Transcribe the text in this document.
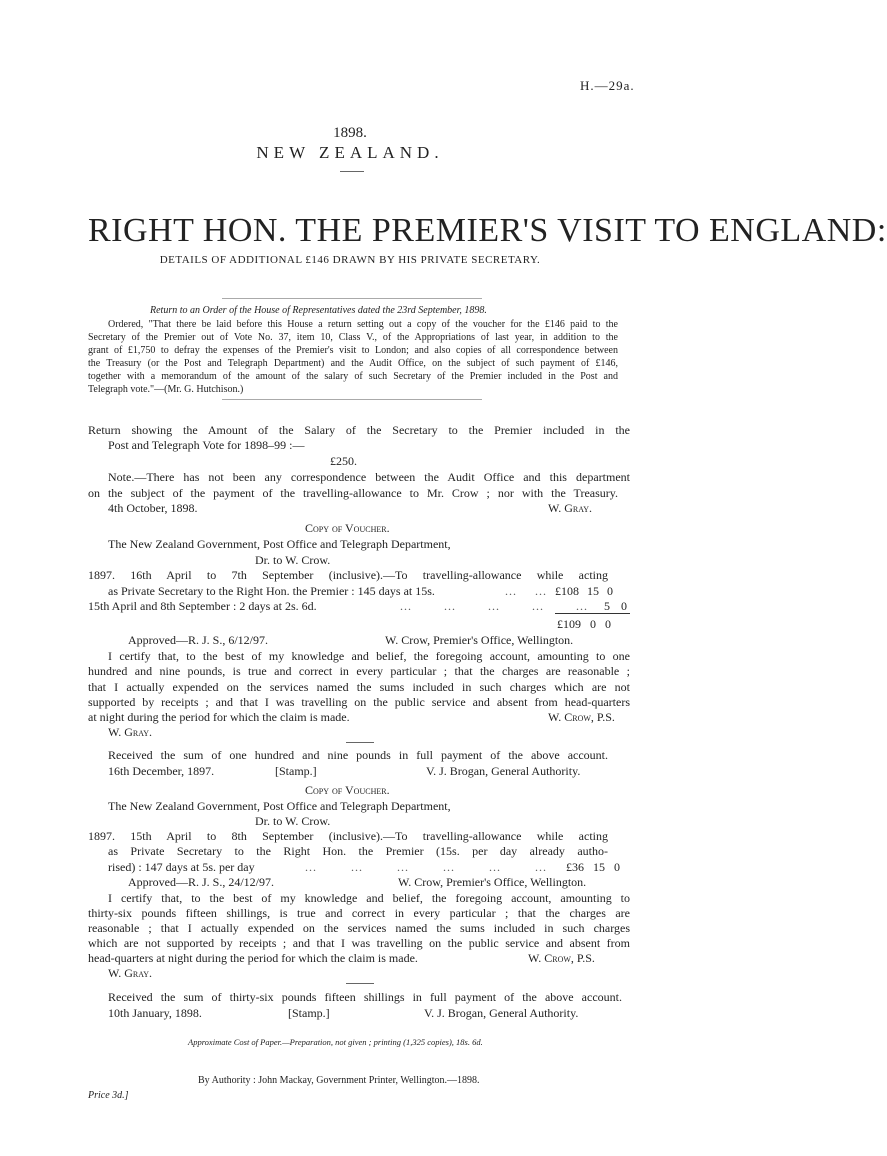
H.—29a.
1898.
NEW ZEALAND.
RIGHT HON. THE PREMIER'S VISIT TO ENGLAND:
DETAILS OF ADDITIONAL £146 DRAWN BY HIS PRIVATE SECRETARY.
Return to an Order of the House of Representatives dated the 23rd September, 1898.
Ordered, "That there be laid before this House a return setting out a copy of the voucher for the £146 paid to the
Secretary of the Premier out of Vote No. 37, item 10, Class V., of the Appropriations of last year, in addition to the
grant of £1,750 to defray the expenses of the Premier's visit to London; and also copies of all correspondence between
the Treasury (or the Post and Telegraph Department) and the Audit Office, on the subject of such payment of £146,
together with a memorandum of the amount of the salary of such Secretary of the Premier included in the Post and
Telegraph vote."—(Mr. G. Hutchison.)
Return showing the Amount of the Salary of the Secretary to the Premier included in the
Post and Telegraph Vote for 1898–99 :—
£250.
Note.—There has not been any correspondence between the Audit Office and this department
on the subject of the payment of the travelling-allowance to Mr. Crow ; nor with the Treasury.
4th October, 1898.	W. Gray.
Copy of Voucher.
The New Zealand Government, Post Office and Telegraph Department,
Dr. to W. Crow.
1897. 16th April to 7th September (inclusive).—To travelling-allowance while acting
as Private Secretary to the Right Hon. the Premier : 145 days at 15s.	... ... £108 15 0
15th April and 8th September : 2 days at 2s. 6d.	... ... ... ... ... 5 0
£109 0 0
Approved—R. J. S., 6/12/97.	W. Crow, Premier's Office, Wellington.
I certify that, to the best of my knowledge and belief, the foregoing account, amounting to one
hundred and nine pounds, is true and correct in every particular ; that the charges are reasonable ;
that I actually expended on the services named the sums included in such charges which are not
supported by receipts ; and that I was travelling on the public service and absent from head-quarters
at night during the period for which the claim is made.	W. Crow, P.S.
W. Gray.
Received the sum of one hundred and nine pounds in full payment of the above account.
16th December, 1897.	[Stamp.]	V. J. Brogan, General Authority.
Copy of Voucher.
The New Zealand Government, Post Office and Telegraph Department,
Dr. to W. Crow.
1897. 15th April to 8th September (inclusive).—To travelling-allowance while acting
as Private Secretary to the Right Hon. the Premier (15s. per day already autho-
rised) : 147 days at 5s. per day	... ... ... ... ... ... £36 15 0
Approved—R. J. S., 24/12/97.	W. Crow, Premier's Office, Wellington.
I certify that, to the best of my knowledge and belief, the foregoing account, amounting to
thirty-six pounds fifteen shillings, is true and correct in every particular ; that the charges are
reasonable ; that I actually expended on the services named the sums included in such charges
which are not supported by receipts ; and that I was travelling on the public service and absent from
head-quarters at night during the period for which the claim is made.	W. Crow, P.S.
W. Gray.
Received the sum of thirty-six pounds fifteen shillings in full payment of the above account.
10th January, 1898.	[Stamp.]	V. J. Brogan, General Authority.
Approximate Cost of Paper.—Preparation, not given ; printing (1,325 copies), 18s. 6d.
By Authority : John Mackay, Government Printer, Wellington.—1898.
Price 3d.]
